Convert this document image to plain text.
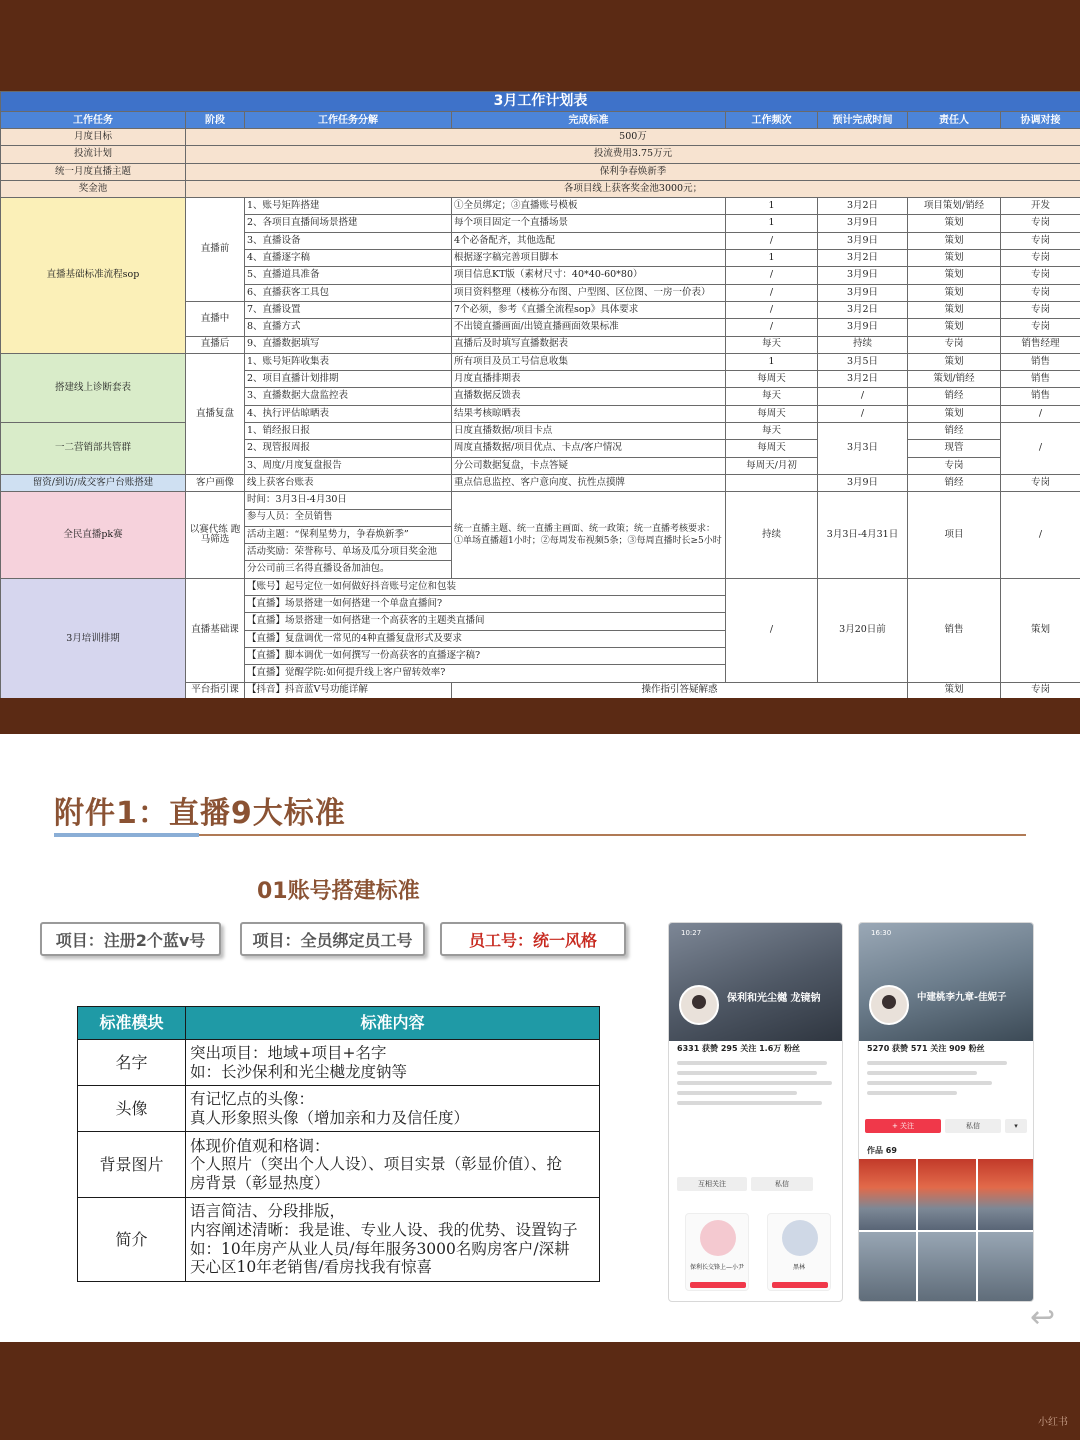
3月工作计划表							
工作任务	阶段	工作任务分解	完成标准	工作频次	预计完成时间	责任人	协调对接
月度目标	500万						
投流计划	投流费用3.75万元						
统一月度直播主题	保利争春焕新季						
奖金池	各项目线上获客奖金池3000元；						
直播基础标准流程sop	直播前	1、账号矩阵搭建	①全员绑定；③直播账号模板	1	3月2日	项目策划/销经	开发
		2、各项目直播间场景搭建	每个项目固定一个直播场景	1	3月9日	策划	专岗
		3、直播设备	4个必备配齐，其他选配	/	3月9日	策划	专岗
		4、直播逐字稿	根据逐字稿完善项目脚本	1	3月2日	策划	专岗
		5、直播道具准备	项目信息KT版（素材尺寸：40*40-60*80）	/	3月9日	策划	专岗
		6、直播获客工具包	项目资料整理（楼栋分布图、户型图、区位图、一房一价表）	/	3月9日	策划	专岗
	直播中	7、直播设置	7个必须，参考《直播全流程sop》具体要求	/	3月2日	策划	专岗
		8、直播方式	不出镜直播画面/出镜直播画面效果标准	/	3月9日	策划	专岗
	直播后	9、直播数据填写	直播后及时填写直播数据表	每天	持续	专岗	销售经理
搭建线上诊断套表	直播复盘	1、账号矩阵收集表	所有项目及员工号信息收集	1	3月5日	策划	销售
		2、项目直播计划排期	月度直播排期表	每周天	3月2日	策划/销经	销售
		3、直播数据大盘监控表	直播数据反馈表	每天	/	销经	销售
		4、执行评估晾晒表	结果考核晾晒表	每周天	/	策划	/
一二营销部共管群		1、销经报日报	日度直播数据/项目卡点	每天	3月3日	销经	/
		2、现管报周报	周度直播数据/项目优点、卡点/客户情况	每周天		现管	
		3、周度/月度复盘报告	分公司数据复盘，卡点答疑	每周天/月初		专岗	
留资/到访/成交客户台账搭建	客户画像	线上获客台账表	重点信息监控、客户意向度、抗性点摸牌		3月9日	销经	专岗
全民直播pk赛	以赛代练 跑马筛选	时间：3月3日-4月30日	统一直播主题、统一直播主画面、统一政策；统一直播考核要求：①单场直播超1小时；②每周发布视频5条；③每周直播时长≥5小时	持续	3月3日-4月31日	项目	/
		参与人员：全员销售					
		活动主题：“保利星势力，争春焕新季”					
		活动奖励：荣誉称号、单场及瓜分项目奖金池					
		分公司前三名得直播设备加油包。					
3月培训排期	直播基础课	【账号】起号定位一如何做好抖音账号定位和包装		/	3月20日前	销售	策划
		【直播】场景搭建一如何搭建一个单盘直播间?					
		【直播】场景搭建一如何搭建一个高获客的主题类直播间					
		【直播】复盘调优一常见的4种直播复盘形式及要求					
		【直播】脚本调优一如何撰写一份高获客的直播逐字稿?					
		【直播】觉醒学院:如何提升线上客户留转效率?					
	平台指引课	【抖音】抖音蓝V号功能详解	操作指引答疑解惑			策划	专岗
附件1：直播9大标准
01账号搭建标准
项目：注册2个蓝v号	项目：全员绑定员工号	员工号：统一风格
标准模块	标准内容
名字	突出项目：地域+项目+名字
如：长沙保利和光尘樾龙度钠等

头像	有记忆点的头像：
真人形象照头像（增加亲和力及信任度）

背景图片	体现价值观和格调：
个人照片（突出个人人设）、项目实景（彰显价值）、抢
房背景（彰显热度）

简介	语言简洁、分段排版，
内容阐述清晰：我是谁、专业人设、我的优势、设置钩子
如：10年房产从业人员/每年服务3000名购房客户/深耕
天心区10年老销售/看房找我有惊喜
10:27
保利和光尘樾 龙镜钠
6331 获赞 295 关注 1.6万 粉丝
互相关注	私信
保利长交锋上—小尹	黑林
16:30
中建桃李九章-佳妮子
5270 获赞 571 关注 909 粉丝
+ 关注	私信	▾
作品 69
↩
小红书
